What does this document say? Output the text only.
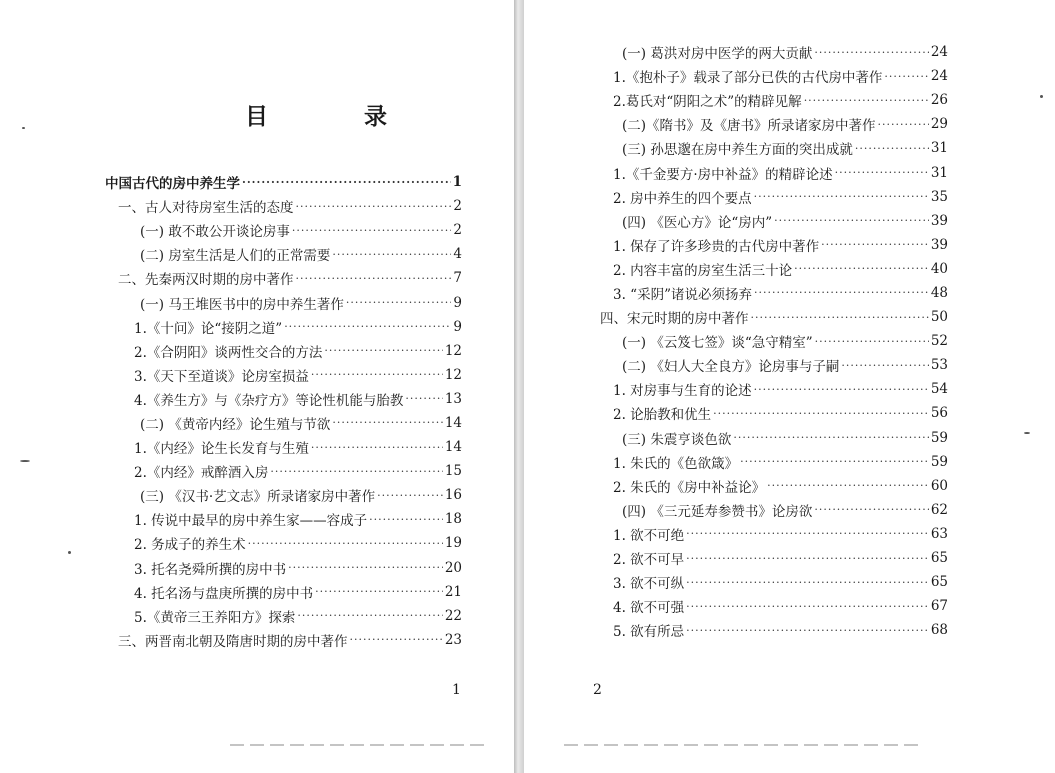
目 录
中国古代的房中养生学 ·····	1
一、古人对待房室生活的态度 ·····	2
(一) 敢不敢公开谈论房事 ·····	2
(二) 房室生活是人们的正常需要 ·····	4
二、先秦两汉时期的房中著作 ·····	7
(一) 马王堆医书中的房中养生著作 ·····	9
1.《十问》论“接阴之道” ·····	9
2.《合阴阳》谈两性交合的方法 ·····	12
3.《天下至道谈》论房室损益 ·····	12
4.《养生方》与《杂疗方》等论性机能与胎教 ·····	13
(二) 《黄帝内经》论生殖与节欲 ·····	14
1.《内经》论生长发育与生殖 ·····	14
2.《内经》戒醉酒入房 ·····	15
(三) 《汉书·艺文志》所录诸家房中著作 ·····	16
1. 传说中最早的房中养生家——容成子 ·····	18
2. 务成子的养生术 ·····	19
3. 托名尧舜所撰的房中书 ·····	20
4. 托名汤与盘庚所撰的房中书 ·····	21
5.《黄帝三王养阳方》探索 ·····	22
三、两晋南北朝及隋唐时期的房中著作 ·····	23
1
(一) 葛洪对房中医学的两大贡献 ·····	24
1.《抱朴子》载录了部分已佚的古代房中著作 ·····	24
2.葛氏对“阴阳之术”的精辟见解 ·····	26
(二)《隋书》及《唐书》所录诸家房中著作 ·····	29
(三) 孙思邈在房中养生方面的突出成就 ·····	31
1.《千金要方·房中补益》的精辟论述 ·····	31
2. 房中养生的四个要点 ·····	35
(四) 《医心方》论“房内” ·····	39
1. 保存了许多珍贵的古代房中著作 ·····	39
2. 内容丰富的房室生活三十论 ·····	40
3. “采阴”诸说必须扬弃 ·····	48
四、宋元时期的房中著作 ·····	50
(一) 《云笈七签》谈“急守精室” ·····	52
(二) 《妇人大全良方》论房事与子嗣 ·····	53
1. 对房事与生育的论述 ·····	54
2. 论胎教和优生 ·····	56
(三) 朱震亨谈色欲 ·····	59
1. 朱氏的《色欲箴》 ·····	59
2. 朱氏的《房中补益论》 ·····	60
(四) 《三元延寿参赞书》论房欲 ·····	62
1. 欲不可绝 ·····	63
2. 欲不可早 ·····	65
3. 欲不可纵 ·····	65
4. 欲不可强 ·····	67
5. 欲有所忌 ·····	68
2
